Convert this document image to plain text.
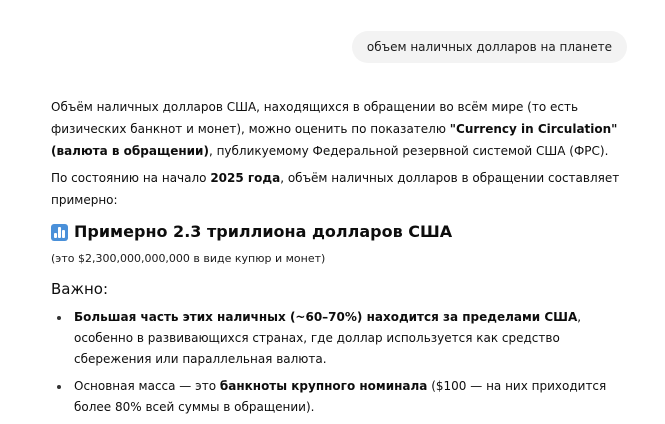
объем наличных долларов на планете

Объём наличных долларов США, находящихся в обращении во всём мире (то есть физических банкнот и монет), можно оценить по показателю "Currency in Circulation" (валюта в обращении), публикуемому Федеральной резервной системой США (ФРС).

По состоянию на начало 2025 года, объём наличных долларов в обращении составляет примерно:

Примерно 2.3 триллиона долларов США

(это $2,300,000,000,000 в виде купюр и монет)

Важно:
Большая часть этих наличных (~60–70%) находится за пределами США, особенно в развивающихся странах, где доллар используется как средство сбережения или параллельная валюта.
Основная масса — это банкноты крупного номинала ($100 — на них приходится более 80% всей суммы в обращении).
